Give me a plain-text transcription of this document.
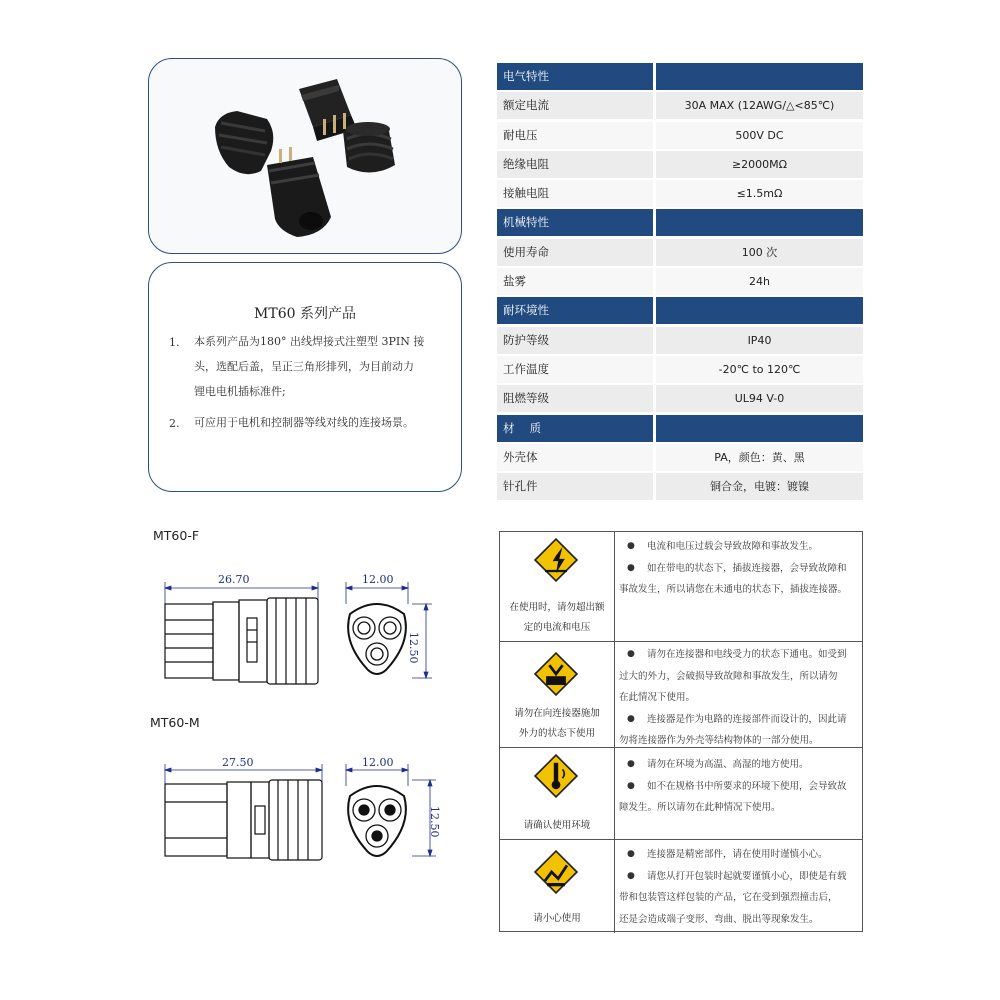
MT60 系列产品
1. 本系列产品为180° 出线焊接式注塑型 3PIN 接
头，选配后盖，呈正三角形排列，为目前动力
锂电电机插标准件;
2. 可应用于电机和控制器等线对线的连接场景。
电气特性
额定电流	30A MAX (12AWG/△<85℃)
耐电压	500V DC
绝缘电阻	≥2000MΩ
接触电阻	≤1.5mΩ
机械特性
使用寿命	100 次
盐雾	24h
耐环境性
防护等级	IP40
工作温度	-20℃ to 120℃
阻燃等级	UL94 V-0
材　 质
外壳体	PA，颜色：黄、黑
针孔件	铜合金，电镀：镀镍
MT60-F
MT60-M
26.70	12.00
12.50
27.50	12.00
12.50
在使用时，请勿超出额
定的电流和电压
● 电流和电压过载会导致故障和事故发生。
● 如在带电的状态下，插拔连接器，会导致故障和
事故发生，所以请您在未通电的状态下，插拔连接器。
请勿在向连接器施加
外力的状态下使用
● 请勿在连接器和电线受力的状态下通电。如受到
过大的外力，会破损导致故障和事故发生，所以请勿
在此情况下使用。
● 连接器是作为电路的连接部件而设计的，因此请
勿将连接器作为外壳等结构物体的一部分使用。
请确认使用环境
● 请勿在环境为高温、高湿的地方使用。
● 如不在规格书中所要求的环境下使用，会导致故
障发生。所以请勿在此种情况下使用。
请小心使用
● 连接器是精密部件，请在使用时谨慎小心。
● 请您从打开包装时起就要谨慎小心，即使是有载
带和包装管这样包装的产品，它在受到强烈撞击后，
还是会造成端子变形、弯曲、脱出等现象发生。
